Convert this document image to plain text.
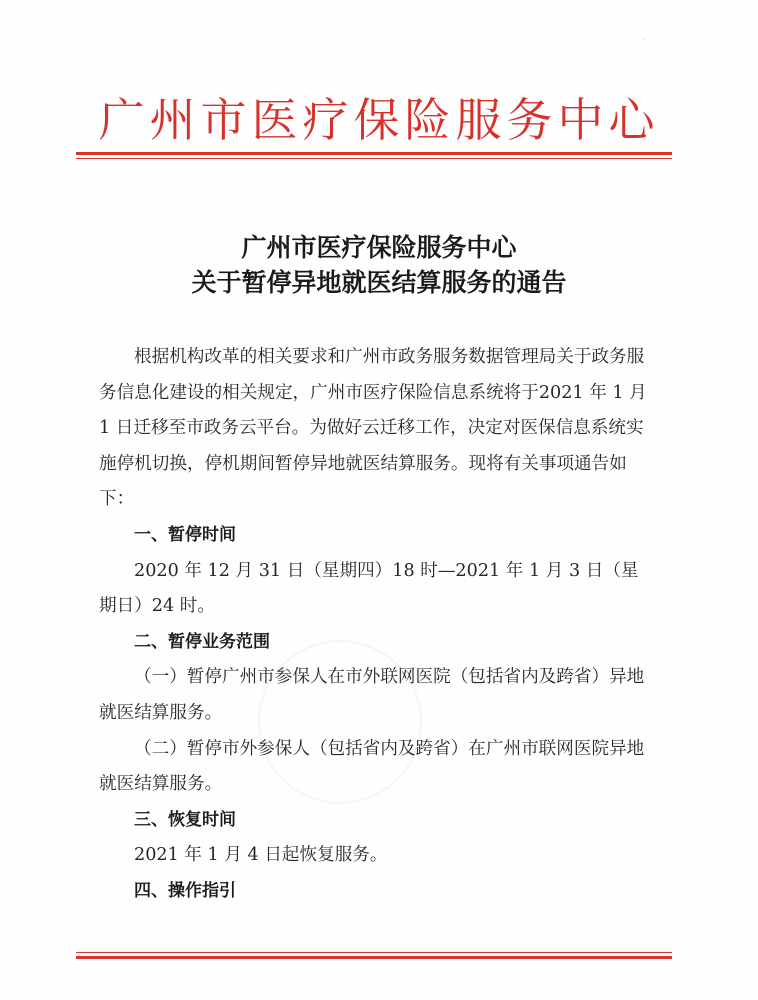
·
广州市医疗保险服务中心
广州市医疗保险服务中心
关于暂停异地就医结算服务的通告

根据机构改革的相关要求和广州市政务服务数据管理局关于政务服务信息化建设的相关规定，广州市医疗保险信息系统将于2021 年 1 月 1 日迁移至市政务云平台。为做好云迁移工作，决定对医保信息系统实施停机切换，停机期间暂停异地就医结算服务。现将有关事项通告如下：

一、暂停时间

2020 年 12 月 31 日（星期四）18 时—2021 年 1 月 3 日（星期日）24 时。

二、暂停业务范围

（一）暂停广州市参保人在市外联网医院（包括省内及跨省）异地就医结算服务。

（二）暂停市外参保人（包括省内及跨省）在广州市联网医院异地就医结算服务。

三、恢复时间

2021 年 1 月 4 日起恢复服务。

四、操作指引
